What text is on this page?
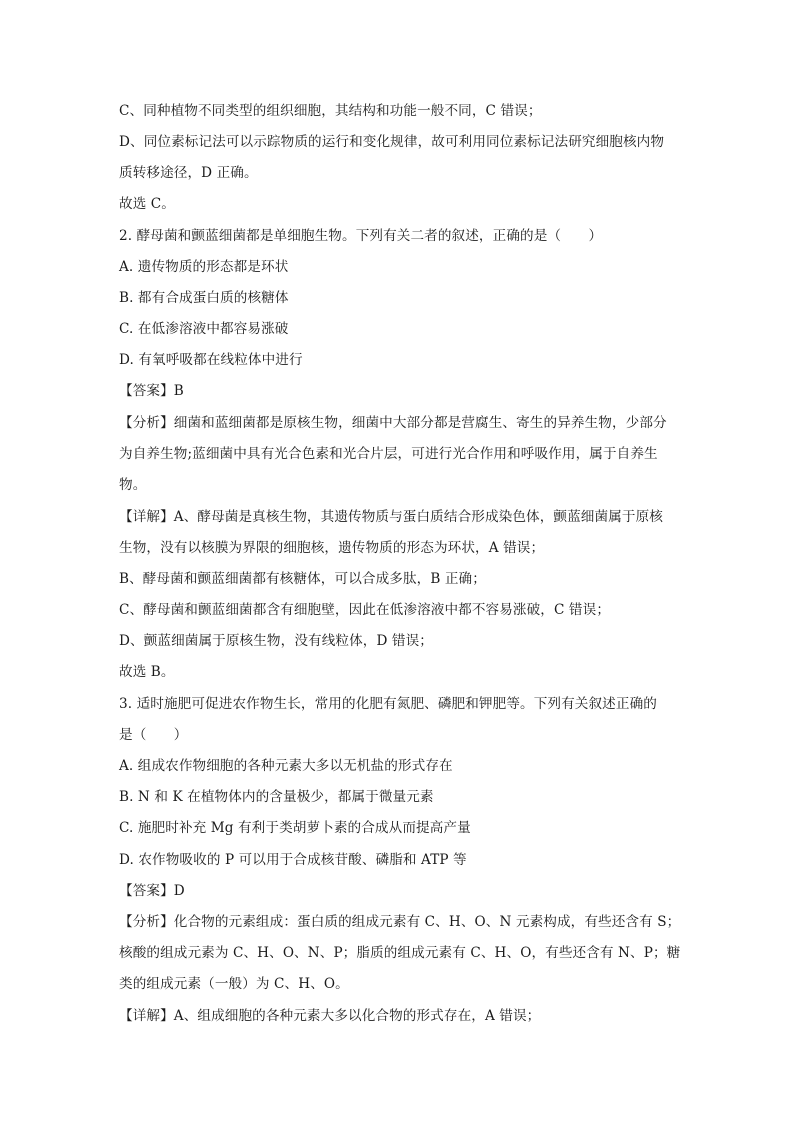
C、同种植物不同类型的组织细胞，其结构和功能一般不同，C 错误；
D、同位素标记法可以示踪物质的运行和变化规律，故可利用同位素标记法研究细胞核内物
质转移途径，D 正确。
故选 C。
2. 酵母菌和颤蓝细菌都是单细胞生物。下列有关二者的叙述，正确的是（　　）
A. 遗传物质的形态都是环状
B. 都有合成蛋白质的核糖体
C. 在低渗溶液中都容易涨破
D. 有氧呼吸都在线粒体中进行
【答案】B
【分析】细菌和蓝细菌都是原核生物，细菌中大部分都是营腐生、寄生的异养生物，少部分
为自养生物;蓝细菌中具有光合色素和光合片层，可进行光合作用和呼吸作用，属于自养生
物。
【详解】A、酵母菌是真核生物，其遗传物质与蛋白质结合形成染色体，颤蓝细菌属于原核
生物，没有以核膜为界限的细胞核，遗传物质的形态为环状，A 错误；
B、酵母菌和颤蓝细菌都有核糖体，可以合成多肽，B 正确；
C、酵母菌和颤蓝细菌都含有细胞壁，因此在低渗溶液中都不容易涨破，C 错误；
D、颤蓝细菌属于原核生物，没有线粒体，D 错误；
故选 B。
3. 适时施肥可促进农作物生长，常用的化肥有氮肥、磷肥和钾肥等。下列有关叙述正确的
是（　　）
A. 组成农作物细胞的各种元素大多以无机盐的形式存在
B. N 和 K 在植物体内的含量极少，都属于微量元素
C. 施肥时补充 Mg 有利于类胡萝卜素的合成从而提高产量
D. 农作物吸收的 P 可以用于合成核苷酸、磷脂和 ATP 等
【答案】D
【分析】化合物的元素组成：蛋白质的组成元素有 C、H、O、N 元素构成，有些还含有 S；
核酸的组成元素为 C、H、O、N、P；脂质的组成元素有 C、H、O，有些还含有 N、P；糖
类的组成元素（一般）为 C、H、O。
【详解】A、组成细胞的各种元素大多以化合物的形式存在，A 错误；
